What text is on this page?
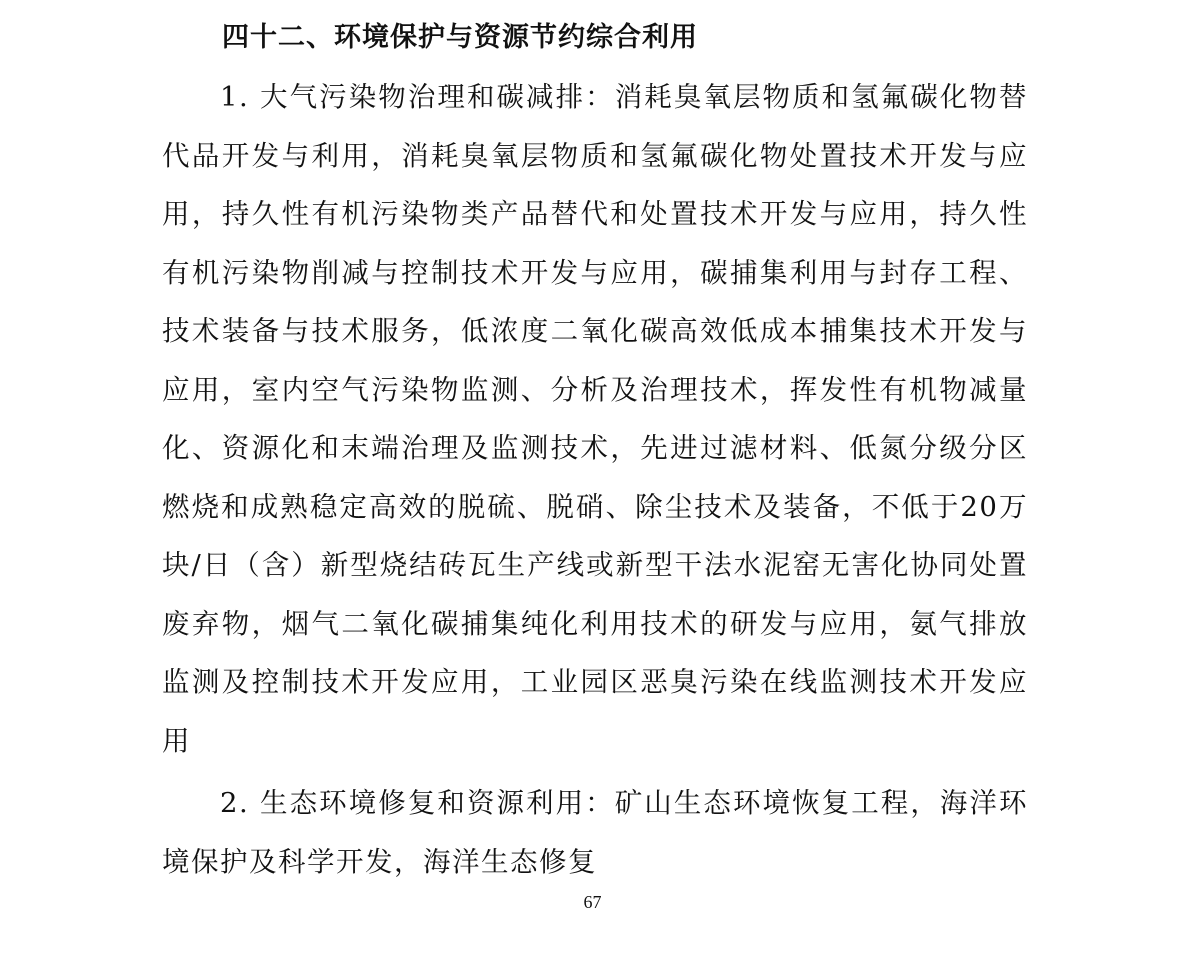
四十二、环境保护与资源节约综合利用

1. 大气污染物治理和碳减排：消耗臭氧层物质和氢氟碳化物替代品开发与利用，消耗臭氧层物质和氢氟碳化物处置技术开发与应用，持久性有机污染物类产品替代和处置技术开发与应用，持久性有机污染物削减与控制技术开发与应用，碳捕集利用与封存工程、技术装备与技术服务，低浓度二氧化碳高效低成本捕集技术开发与应用，室内空气污染物监测、分析及治理技术，挥发性有机物减量化、资源化和末端治理及监测技术，先进过滤材料、低氮分级分区燃烧和成熟稳定高效的脱硫、脱硝、除尘技术及装备，不低于20万块/日（含）新型烧结砖瓦生产线或新型干法水泥窑无害化协同处置废弃物，烟气二氧化碳捕集纯化利用技术的研发与应用，氨气排放监测及控制技术开发应用，工业园区恶臭污染在线监测技术开发应用

2. 生态环境修复和资源利用：矿山生态环境恢复工程，海洋环境保护及科学开发，海洋生态修复

67
